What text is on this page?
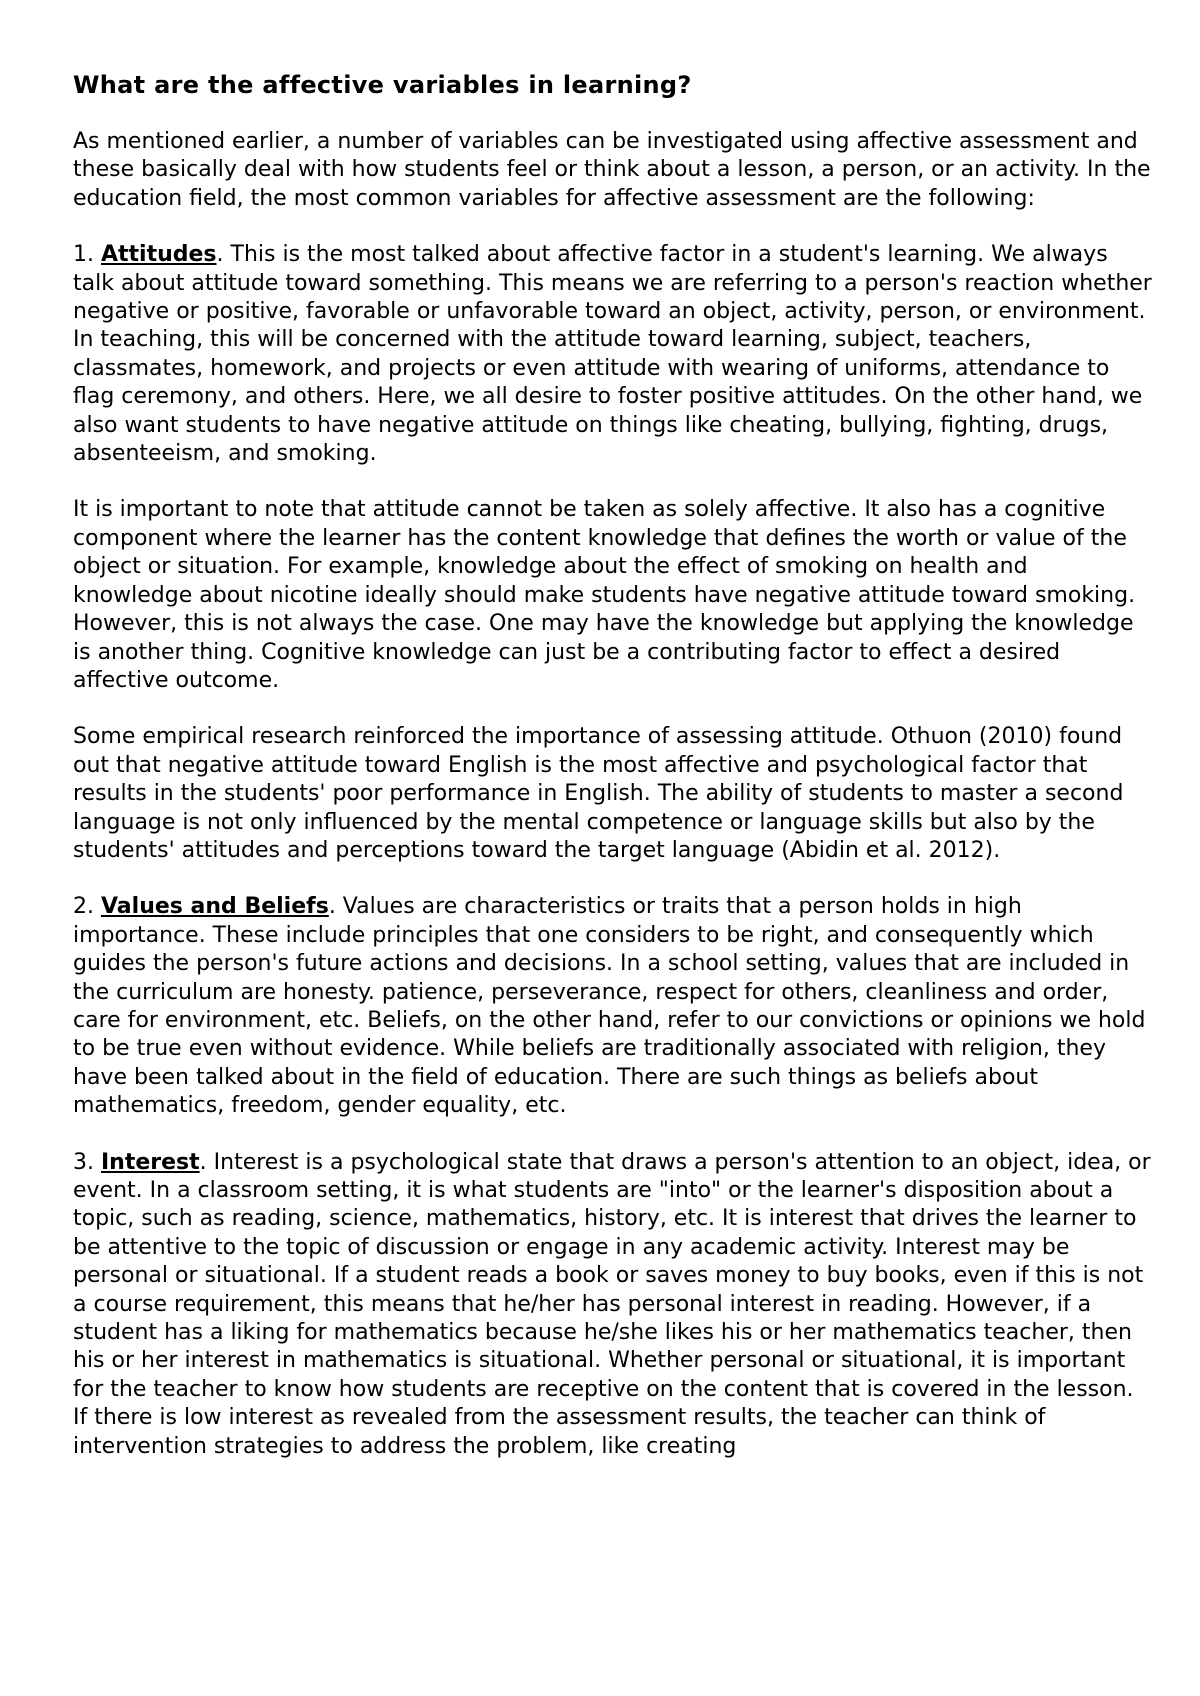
What are the affective variables in learning?

As mentioned earlier, a number of variables can be investigated using affective assessment and these basically deal with how students feel or think about a lesson, a person, or an activity. In the education field, the most common variables for affective assessment are the following:

1. Attitudes. This is the most talked about affective factor in a student's learning. We always talk about attitude toward something. This means we are referring to a person's reaction whether negative or positive, favorable or unfavorable toward an object, activity, person, or environment. In teaching, this will be concerned with the attitude toward learning, subject, teachers, classmates, homework, and projects or even attitude with wearing of uniforms, attendance to flag ceremony, and others. Here, we all desire to foster positive attitudes. On the other hand, we also want students to have negative attitude on things like cheating, bullying, fighting, drugs, absenteeism, and smoking.

It is important to note that attitude cannot be taken as solely affective. It also has a cognitive component where the learner has the content knowledge that defines the worth or value of the object or situation. For example, knowledge about the effect of smoking on health and knowledge about nicotine ideally should make students have negative attitude toward smoking. However, this is not always the case. One may have the knowledge but applying the knowledge is another thing. Cognitive knowledge can just be a contributing factor to effect a desired affective outcome.

Some empirical research reinforced the importance of assessing attitude. Othuon (2010) found out that negative attitude toward English is the most affective and psychological factor that results in the students' poor performance in English. The ability of students to master a second language is not only influenced by the mental competence or language skills but also by the students' attitudes and perceptions toward the target language (Abidin et al. 2012).

2. Values and Beliefs. Values are characteristics or traits that a person holds in high importance. These include principles that one considers to be right, and consequently which guides the person's future actions and decisions. In a school setting, values that are included in the curriculum are honesty. patience, perseverance, respect for others, cleanliness and order, care for environment, etc. Beliefs, on the other hand, refer to our convictions or opinions we hold to be true even without evidence. While beliefs are traditionally associated with religion, they have been talked about in the field of education. There are such things as beliefs about mathematics, freedom, gender equality, etc.

3. Interest. Interest is a psychological state that draws a person's attention to an object, idea, or event. In a classroom setting, it is what students are "into" or the learner's disposition about a topic, such as reading, science, mathematics, history, etc. It is interest that drives the learner to be attentive to the topic of discussion or engage in any academic activity. Interest may be personal or situational. If a student reads a book or saves money to buy books, even if this is not a course requirement, this means that he/her has personal interest in reading. However, if a student has a liking for mathematics because he/she likes his or her mathematics teacher, then his or her interest in mathematics is situational. Whether personal or situational, it is important for the teacher to know how students are receptive on the content that is covered in the lesson. If there is low interest as revealed from the assessment results, the teacher can think of intervention strategies to address the problem, like creating
